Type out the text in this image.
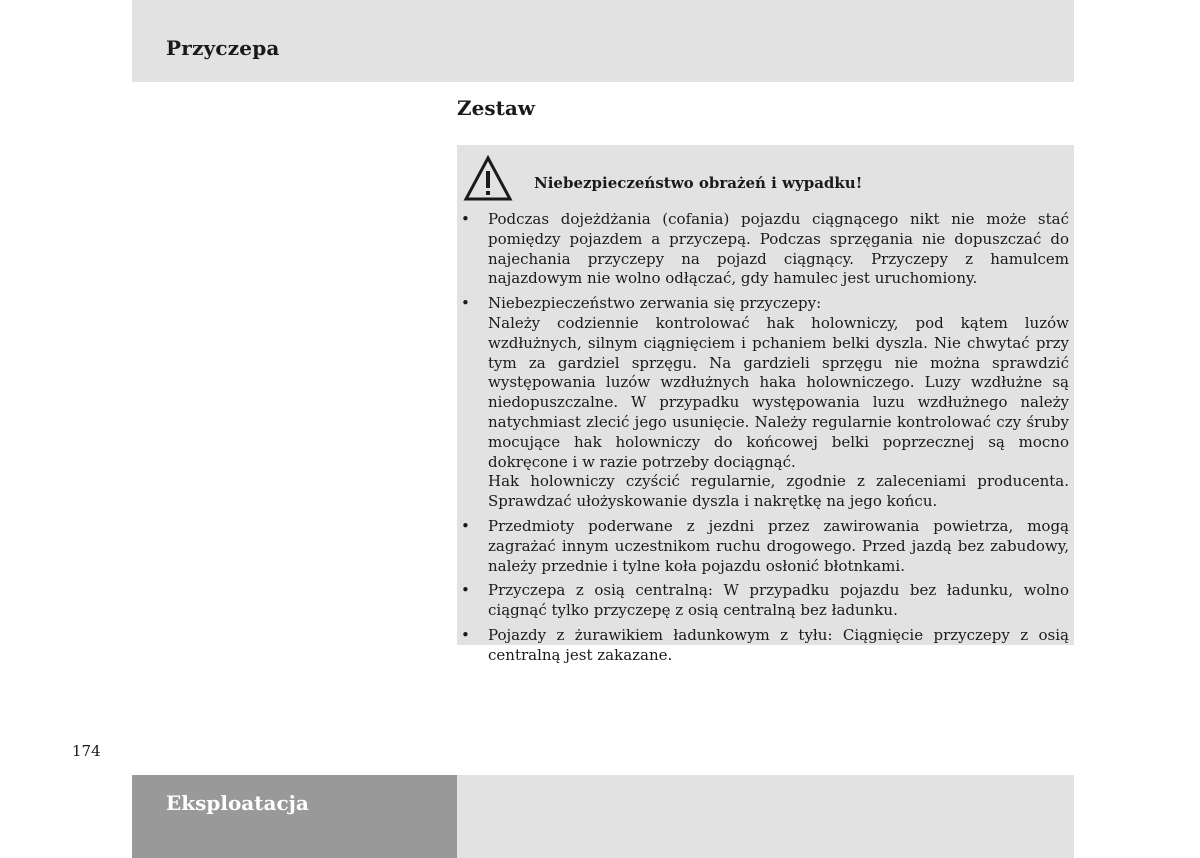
Przyczepa
Zestaw
Niebezpieczeństwo obrażeń i wypadku!
• Podczas dojeżdżania (cofania) pojazdu ciągnącego nikt nie może stać pomiędzy pojazdem a przyczepą. Podczas sprzęgania nie dopuszczać do najechania przyczepy na pojazd ciągnący. Przyczepy z hamulcem najazdowym nie wolno odłączać, gdy hamulec jest uruchomiony.
• Niebezpieczeństwo zerwania się przyczepy:
Należy codziennie kontrolować hak holowniczy, pod kątem luzów wzdłużnych, silnym ciągnięciem i pchaniem belki dyszla. Nie chwytać przy tym za gardziel sprzęgu. Na gardzieli sprzęgu nie można sprawdzić występowania luzów wzdłużnych haka holowniczego. Luzy wzdłużne są niedopuszczalne. W przypadku występowania luzu wzdłużnego należy natychmiast zlecić jego usunięcie. Należy regularnie kontrolować czy śruby mocujące hak holowniczy do końcowej belki poprzecznej są mocno dokręcone i w razie potrzeby dociągnąć.
Hak holowniczy czyścić regularnie, zgodnie z zaleceniami producenta. Sprawdzać ułożyskowanie dyszla i nakrętkę na jego końcu.
• Przedmioty poderwane z jezdni przez zawirowania powietrza, mogą zagrażać innym uczestnikom ruchu drogowego. Przed jazdą bez zabudowy, należy przednie i tylne koła pojazdu osłonić błotnkami.
• Przyczepa z osią centralną: W przypadku pojazdu bez ładunku, wolno ciągnąć tylko przyczepę z osią centralną bez ładunku.
• Pojazdy z żurawikiem ładunkowym z tyłu: Ciągnięcie przyczepy z osią centralną jest zakazane.
174
Eksploatacja
